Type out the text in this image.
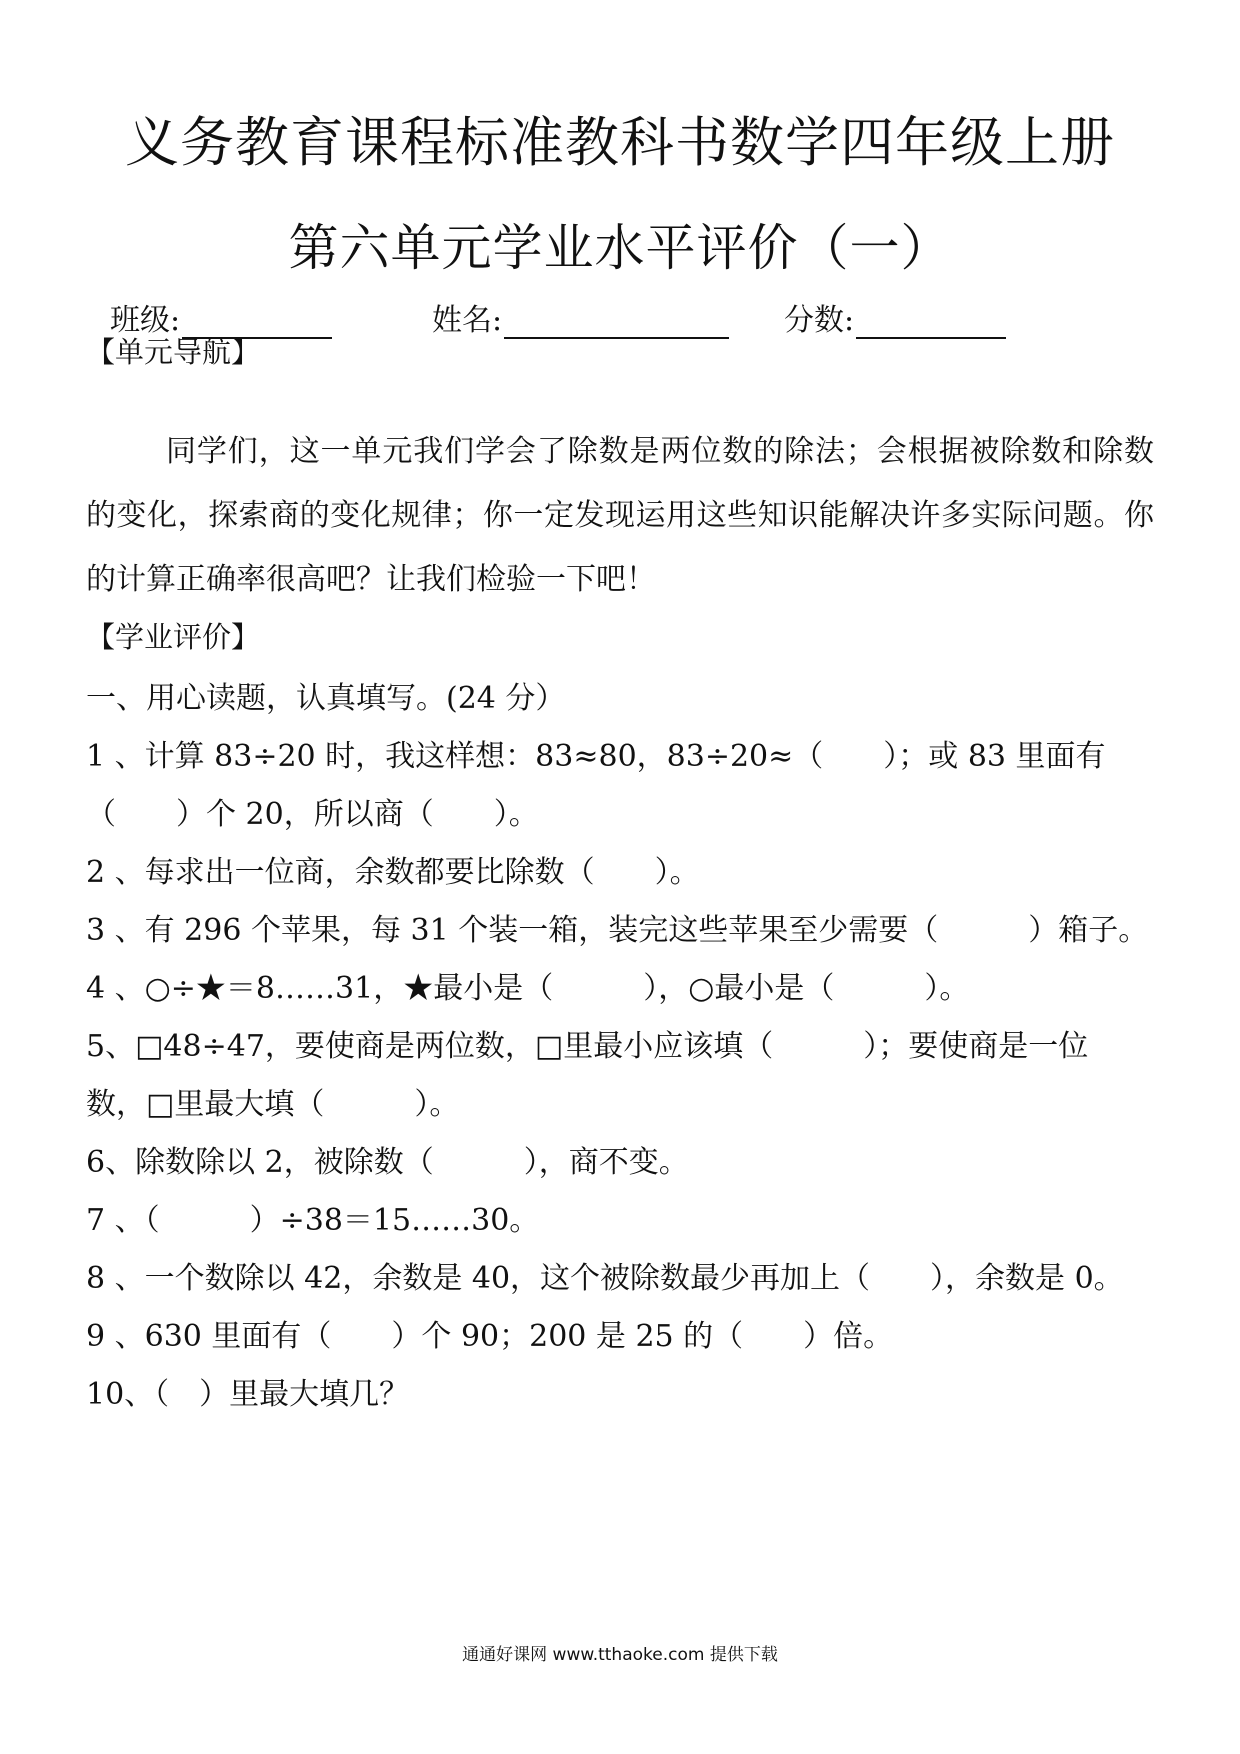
义务教育课程标准教科书数学四年级上册
第六单元学业水平评价（一）
班级:	姓名:	分数:
【单元导航】
同学们，这一单元我们学会了除数是两位数的除法；会根据被除数和除数的变化，探索商的变化规律；你一定发现运用这些知识能解决许多实际问题。你的计算正确率很高吧？让我们检验一下吧！
【学业评价】
一、用心读题，认真填写。(24 分）
1 、计算 83÷20 时，我这样想：83≈80，83÷20≈（　　）；或 83 里面有
（　　）个 20，所以商（　　）。
2 、每求出一位商，余数都要比除数（　　）。
3 、有 296 个苹果，每 31 个装一箱，装完这些苹果至少需要（　　　）箱子。
4 、○÷★＝8……31，★最小是（　　　），○最小是（　　　）。
5、□48÷47，要使商是两位数，□里最小应该填（　　　）；要使商是一位
数，□里最大填（　　　）。
6、除数除以 2，被除数（　　　），商不变。
7 、（　　　）÷38＝15……30。
8 、一个数除以 42，余数是 40，这个被除数最少再加上（　　），余数是 0。
9 、630 里面有（　　）个 90；200 是 25 的（　　）倍。
10、（　）里最大填几？
通通好课网 www.tthaoke.com 提供下载
